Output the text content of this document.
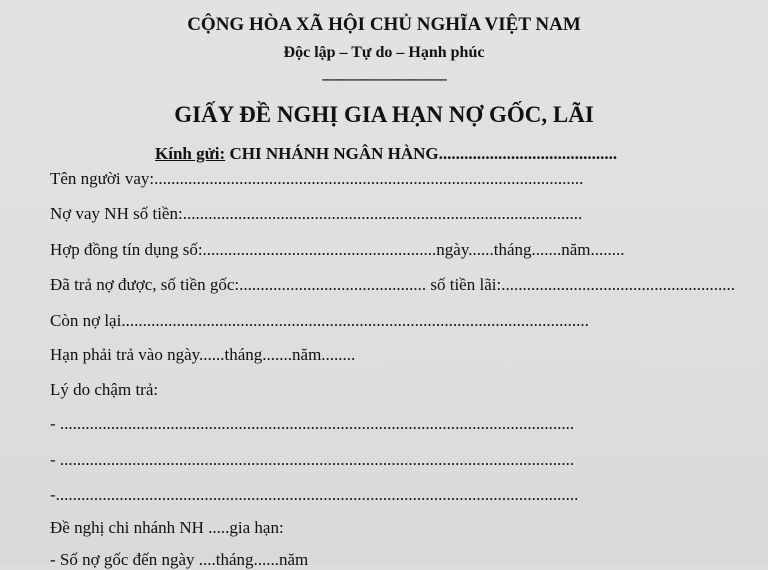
CỘNG HÒA XÃ HỘI CHỦ NGHĨA VIỆT NAM
Độc lập – Tự do – Hạnh phúc
----------------------------------
GIẤY ĐỀ NGHỊ GIA HẠN NỢ GỐC, LÃI
Kính gửi: CHI NHÁNH NGÂN HÀNG..........................................
Tên người vay:.....................................................................................................
Nợ vay NH số tiền:..............................................................................................
Hợp đồng tín dụng số:.......................................................ngày......tháng.......năm........
Đã trả nợ được, số tiền gốc:............................................ số tiền lãi:.......................................................
Còn nợ lại..............................................................................................................
Hạn phải trả vào ngày......tháng.......năm........
Lý do chậm trả:
- .........................................................................................................................
- .........................................................................................................................
-...........................................................................................................................
Đề nghị chi nhánh NH .....gia hạn:
- Số nợ gốc đến ngày ....tháng......năm
